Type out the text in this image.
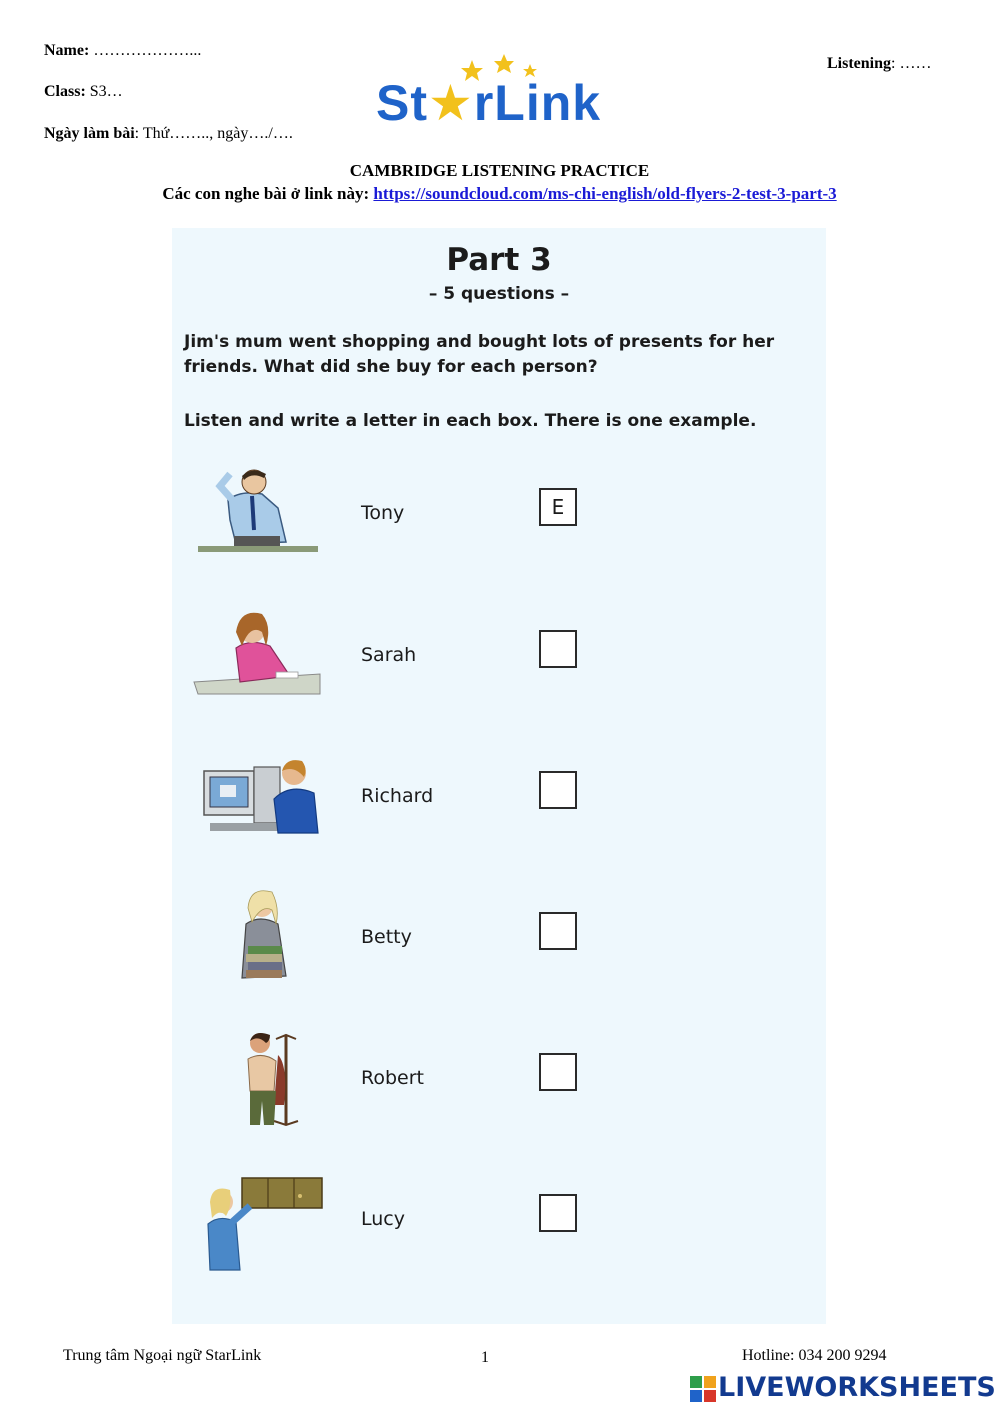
Name: ………………...
Class: S3…
Ngày làm bài: Thứ…….., ngày…./….
Listening: ……
St★rLink
CAMBRIDGE LISTENING PRACTICE
Các con nghe bài ở link này: https://soundcloud.com/ms-chi-english/old-flyers-2-test-3-part-3
Part 3
– 5 questions –
Jim's mum went shopping and bought lots of presents for her friends. What did she buy for each person?
Listen and write a letter in each box. There is one example.
Tony	E
Sarah
Richard
Betty
Robert
Lucy
Trung tâm Ngoại ngữ StarLink	1	Hotline: 034 200 9294
LIVEWORKSHEETS
